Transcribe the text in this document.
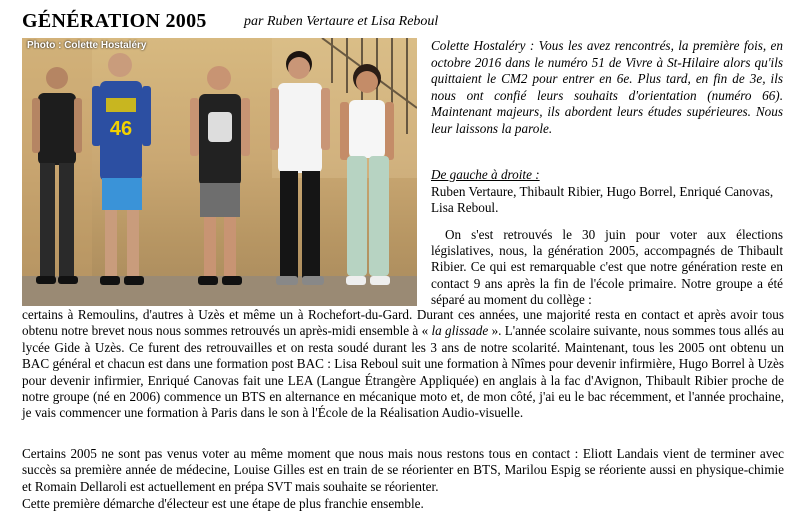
GÉNÉRATION 2005	par Ruben Vertaure et Lisa Reboul
46
Photo : Colette Hostaléry	Colette Hostaléry : Vous les avez rencontrés, la première fois, en octobre 2016 dans le numéro 51 de Vivre à St-Hilaire alors qu'ils quittaient le CM2 pour entrer en 6e. Plus tard, en fin de 3e, ils nous ont confié leurs souhaits d'orientation (numéro 66). Maintenant majeurs, ils abordent leurs études supérieures. Nous leur laissons la parole.

De gauche à droite :

Ruben Vertaure, Thibault Ribier, Hugo Borrel, Enriqué Canovas, Lisa Reboul.

On s'est retrouvés le 30 juin pour voter aux élections législatives, nous, la génération 2005, accompagnés de Thibault Ribier. Ce qui est remarquable c'est que notre génération reste en contact 9 ans après la fin de l'école primaire. Notre groupe a été séparé au moment du collège :

certains à Remoulins, d'autres à Uzès et même un à Rochefort-du-Gard. Durant ces années, une majorité resta en contact et après avoir tous obtenu notre brevet nous nous sommes retrouvés un après-midi ensemble à « la glissade ». L'année scolaire suivante, nous sommes tous allés au lycée Gide à Uzès. Ce furent des retrouvailles et on resta soudé durant les 3 ans de notre scolarité. Maintenant, tous les 2005 ont obtenu un BAC général et chacun est dans une formation post BAC : Lisa Reboul suit une formation à Nîmes pour devenir infirmière, Hugo Borrel à Uzès pour devenir infirmier, Enriqué Canovas fait une LEA (Langue Étrangère Appliquée) en anglais à la fac d'Avignon, Thibault Ribier proche de notre groupe (né en 2006) commence un BTS en alternance en mécanique moto et, de mon côté, j'ai eu le bac récemment, et l'année prochaine, je vais commencer une formation à Paris dans le son à l'École de la Réalisation Audio-visuelle.

Certains 2005 ne sont pas venus voter au même moment que nous mais nous restons tous en contact : Eliott Landais vient de terminer avec succès sa première année de médecine, Louise Gilles est en train de se réorienter en BTS, Marilou Espig se réoriente aussi en physique-chimie et Romain Dellaroli est actuellement en prépa SVT mais souhaite se réorienter.

Cette première démarche d'électeur est une étape de plus franchie ensemble.
